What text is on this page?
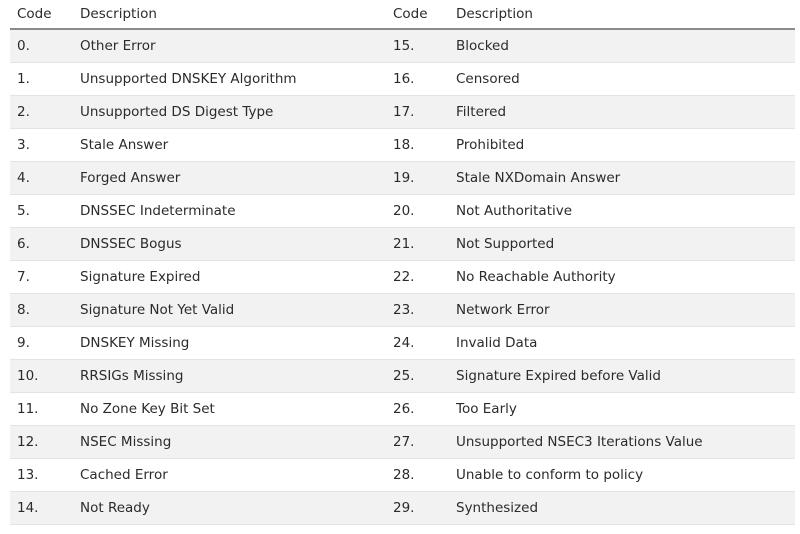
Code	Description	Code	Description
0.	Other Error	15.	Blocked
1.	Unsupported DNSKEY Algorithm	16.	Censored
2.	Unsupported DS Digest Type	17.	Filtered
3.	Stale Answer	18.	Prohibited
4.	Forged Answer	19.	Stale NXDomain Answer
5.	DNSSEC Indeterminate	20.	Not Authoritative
6.	DNSSEC Bogus	21.	Not Supported
7.	Signature Expired	22.	No Reachable Authority
8.	Signature Not Yet Valid	23.	Network Error
9.	DNSKEY Missing	24.	Invalid Data
10.	RRSIGs Missing	25.	Signature Expired before Valid
11.	No Zone Key Bit Set	26.	Too Early
12.	NSEC Missing	27.	Unsupported NSEC3 Iterations Value
13.	Cached Error	28.	Unable to conform to policy
14.	Not Ready	29.	Synthesized
